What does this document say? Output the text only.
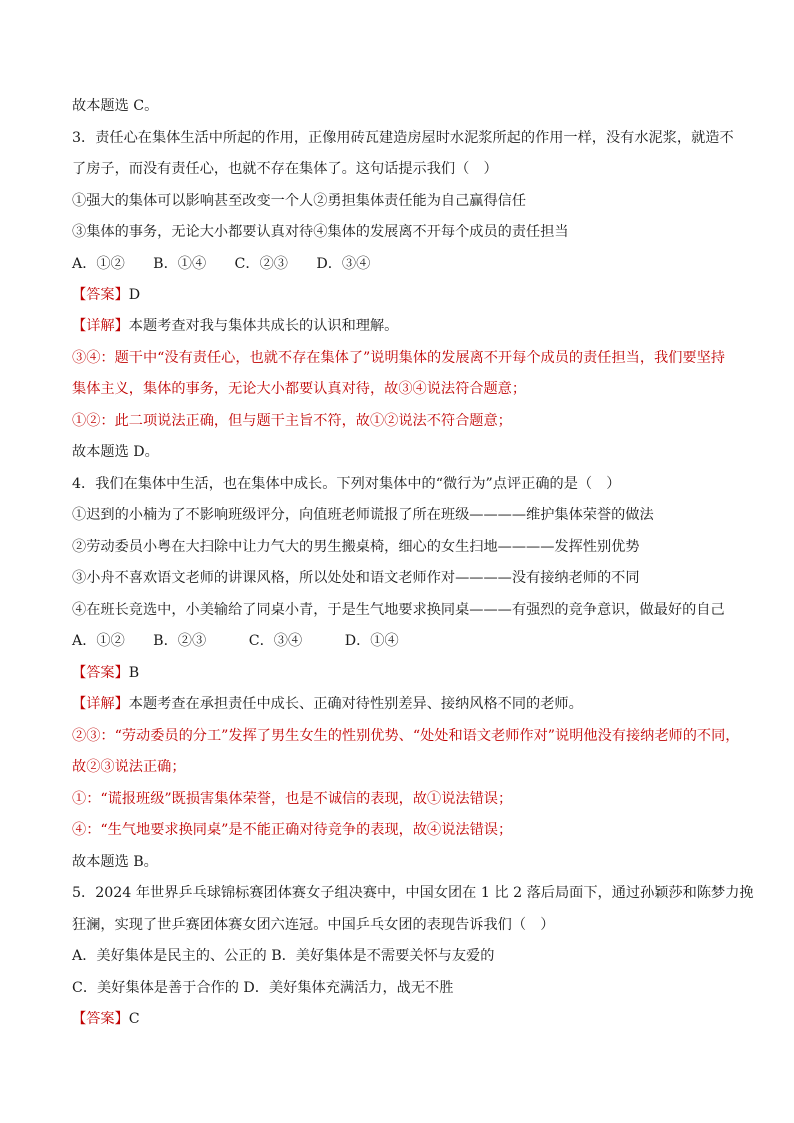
故本题选 C。
3．责任心在集体生活中所起的作用，正像用砖瓦建造房屋时水泥浆所起的作用一样，没有水泥浆，就造不
了房子，而没有责任心，也就不存在集体了。这句话提示我们（　）
①强大的集体可以影响甚至改变一个人②勇担集体责任能为自己赢得信任
③集体的事务，无论大小都要认真对待④集体的发展离不开每个成员的责任担当
A．①②　　B．①④　　C．②③　　D．③④
【答案】D
【详解】本题考查对我与集体共成长的认识和理解。
③④：题干中“没有责任心，也就不存在集体了”说明集体的发展离不开每个成员的责任担当，我们要坚持
集体主义，集体的事务，无论大小都要认真对待，故③④说法符合题意；
①②：此二项说法正确，但与题干主旨不符，故①②说法不符合题意；
故本题选 D。
4．我们在集体中生活，也在集体中成长。下列对集体中的“微行为”点评正确的是（　）
①迟到的小楠为了不影响班级评分，向值班老师谎报了所在班级————维护集体荣誉的做法
②劳动委员小粤在大扫除中让力气大的男生搬桌椅，细心的女生扫地————发挥性别优势
③小舟不喜欢语文老师的讲课风格，所以处处和语文老师作对————没有接纳老师的不同
④在班长竞选中，小美输给了同桌小青，于是生气地要求换同桌———有强烈的竞争意识，做最好的自己
A．①②　　B．②③　　　C．③④　　　D．①④
【答案】B
【详解】本题考查在承担责任中成长、正确对待性别差异、接纳风格不同的老师。
②③：“劳动委员的分工”发挥了男生女生的性别优势、“处处和语文老师作对”说明他没有接纳老师的不同，
故②③说法正确；
①：“谎报班级”既损害集体荣誉，也是不诚信的表现，故①说法错误；
④：“生气地要求换同桌”是不能正确对待竞争的表现，故④说法错误；
故本题选 B。
5．2024 年世界乒乓球锦标赛团体赛女子组决赛中，中国女团在 1 比 2 落后局面下，通过孙颖莎和陈梦力挽
狂澜，实现了世乒赛团体赛女团六连冠。中国乒乓女团的表现告诉我们（　）
A．美好集体是民主的、公正的 B．美好集体是不需要关怀与友爱的
C．美好集体是善于合作的 D．美好集体充满活力，战无不胜
【答案】C
